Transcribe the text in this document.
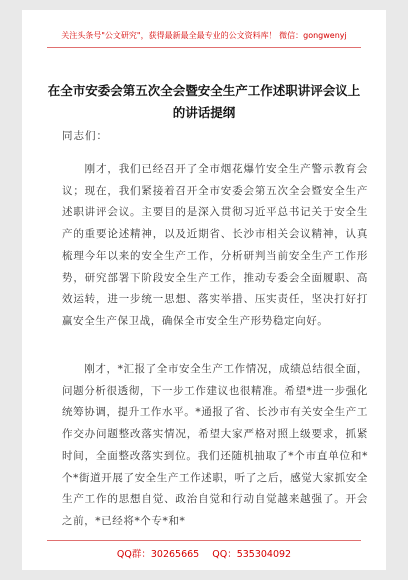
关注头条号"公文研究"，获得最新最全最专业的公文资料库！ 微信：gongwenyj
在全市安委会第五次全会暨安全生产工作述职讲评会议上的讲话提纲
同志们：
　　刚才，我们已经召开了全市烟花爆竹安全生产警示教育会议；现在，我们紧接着召开全市安委会第五次全会暨安全生产述职讲评会议。主要目的是深入贯彻习近平总书记关于安全生产的重要论述精神，以及近期省、长沙市相关会议精神，认真梳理今年以来的安全生产工作，分析研判当前安全生产工作形势，研究部署下阶段安全生产工作，推动专委会全面履职、高效运转，进一步统一思想、落实举措、压实责任，坚决打好打赢安全生产保卫战，确保全市安全生产形势稳定向好。
　　刚才，*汇报了全市安全生产工作情况，成绩总结很全面，问题分析很透彻，下一步工作建议也很精准。希望*进一步强化统筹协调，提升工作水平。*通报了省、长沙市有关安全生产工作交办问题整改落实情况，希望大家严格对照上级要求，抓紧时间，全面整改落实到位。我们还随机抽取了*个市直单位和*个*街道开展了安全生产工作述职，听了之后，感觉大家抓安全生产工作的思想自觉、政治自觉和行动自觉越来越强了。开会之前，*已经将*个专*和*
QQ群：30265665 QQ：535304092
